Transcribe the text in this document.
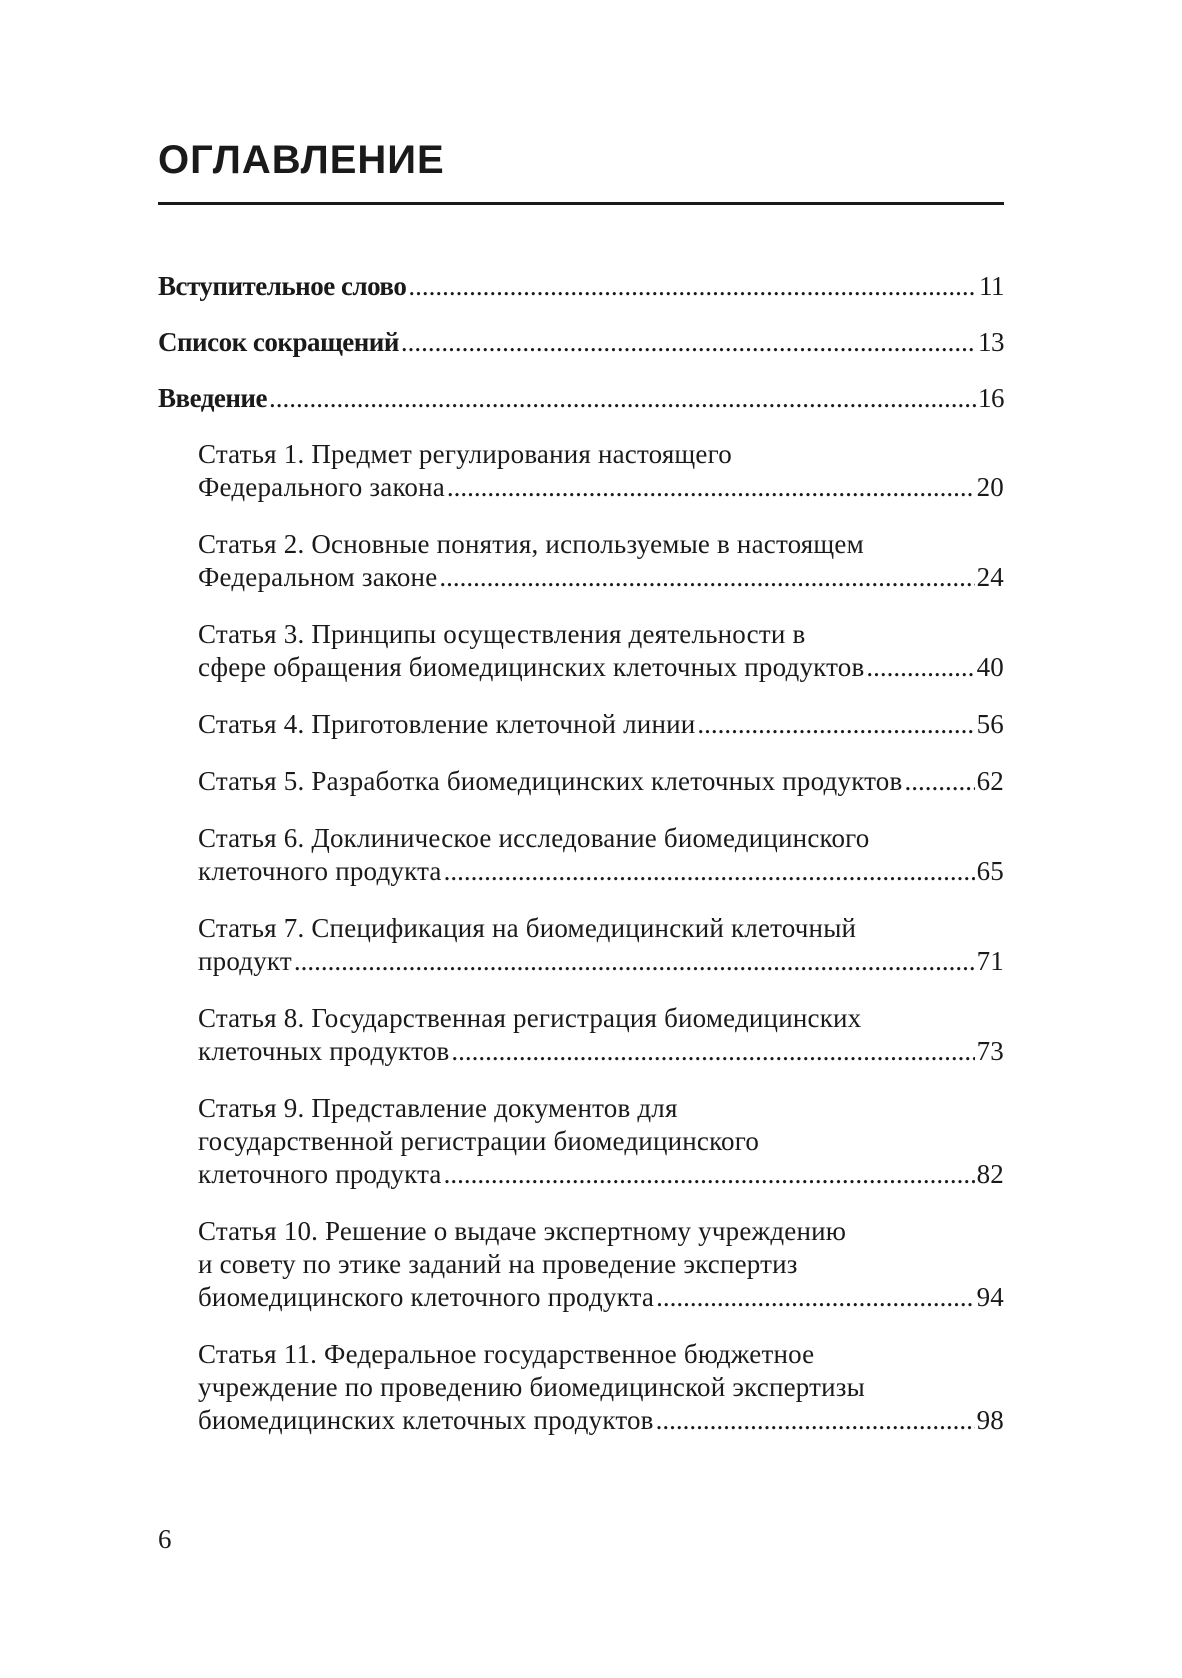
ОГЛАВЛЕНИЕ
Вступительное слово .....	11
Список сокращений .....	13
Введение .....	16
Статья 1. Предмет регулирования настоящего
Федерального закона .....	20
Статья 2. Основные понятия, используемые в настоящем
Федеральном законе .....	24
Статья 3. Принципы осуществления деятельности в
сфере обращения биомедицинских клеточных продуктов .....	40
Статья 4. Приготовление клеточной линии .....	56
Статья 5. Разработка биомедицинских клеточных продуктов .....	62
Статья 6. Доклиническое исследование биомедицинского
клеточного продукта .....	65
Статья 7. Спецификация на биомедицинский клеточный
продукт .....	71
Статья 8. Государственная регистрация биомедицинских
клеточных продуктов .....	73
Статья 9. Представление документов для
государственной регистрации биомедицинского
клеточного продукта .....	82
Статья 10. Решение о выдаче экспертному учреждению
и совету по этике заданий на проведение экспертиз
биомедицинского клеточного продукта .....	94
Статья 11. Федеральное государственное бюджетное
учреждение по проведению биомедицинской экспертизы
биомедицинских клеточных продуктов .....	98
6
